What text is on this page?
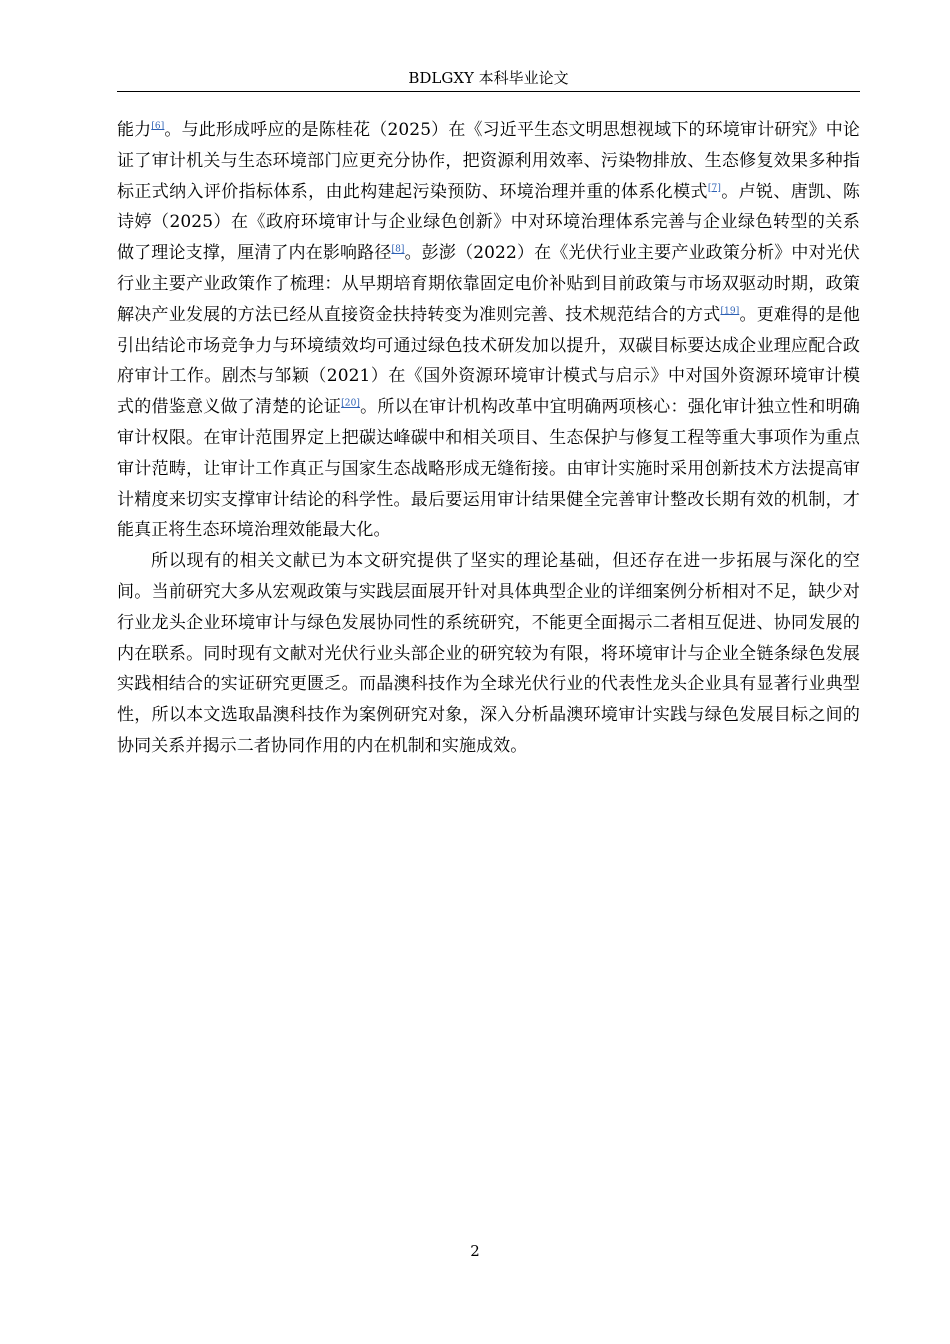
BDLGXY 本科毕业论文

能力[6]。与此形成呼应的是陈桂花（2025）在《习近平生态文明思想视域下的环境审计研究》中论证了审计机关与生态环境部门应更充分协作，把资源利用效率、污染物排放、生态修复效果多种指标正式纳入评价指标体系，由此构建起污染预防、环境治理并重的体系化模式[7]。卢锐、唐凯、陈诗婷（2025）在《政府环境审计与企业绿色创新》中对环境治理体系完善与企业绿色转型的关系做了理论支撑，厘清了内在影响路径[8]。彭澎（2022）在《光伏行业主要产业政策分析》中对光伏行业主要产业政策作了梳理：从早期培育期依靠固定电价补贴到目前政策与市场双驱动时期，政策解决产业发展的方法已经从直接资金扶持转变为准则完善、技术规范结合的方式[19]。更难得的是他引出结论市场竞争力与环境绩效均可通过绿色技术研发加以提升，双碳目标要达成企业理应配合政府审计工作。剧杰与邹颖（2021）在《国外资源环境审计模式与启示》中对国外资源环境审计模式的借鉴意义做了清楚的论证[20]。所以在审计机构改革中宜明确两项核心：强化审计独立性和明确审计权限。在审计范围界定上把碳达峰碳中和相关项目、生态保护与修复工程等重大事项作为重点审计范畴，让审计工作真正与国家生态战略形成无缝衔接。由审计实施时采用创新技术方法提高审计精度来切实支撑审计结论的科学性。最后要运用审计结果健全完善审计整改长期有效的机制，才能真正将生态环境治理效能最大化。

所以现有的相关文献已为本文研究提供了坚实的理论基础，但还存在进一步拓展与深化的空间。当前研究大多从宏观政策与实践层面展开针对具体典型企业的详细案例分析相对不足，缺少对行业龙头企业环境审计与绿色发展协同性的系统研究，不能更全面揭示二者相互促进、协同发展的内在联系。同时现有文献对光伏行业头部企业的研究较为有限，将环境审计与企业全链条绿色发展实践相结合的实证研究更匮乏。而晶澳科技作为全球光伏行业的代表性龙头企业具有显著行业典型性，所以本文选取晶澳科技作为案例研究对象，深入分析晶澳环境审计实践与绿色发展目标之间的协同关系并揭示二者协同作用的内在机制和实施成效。

2
